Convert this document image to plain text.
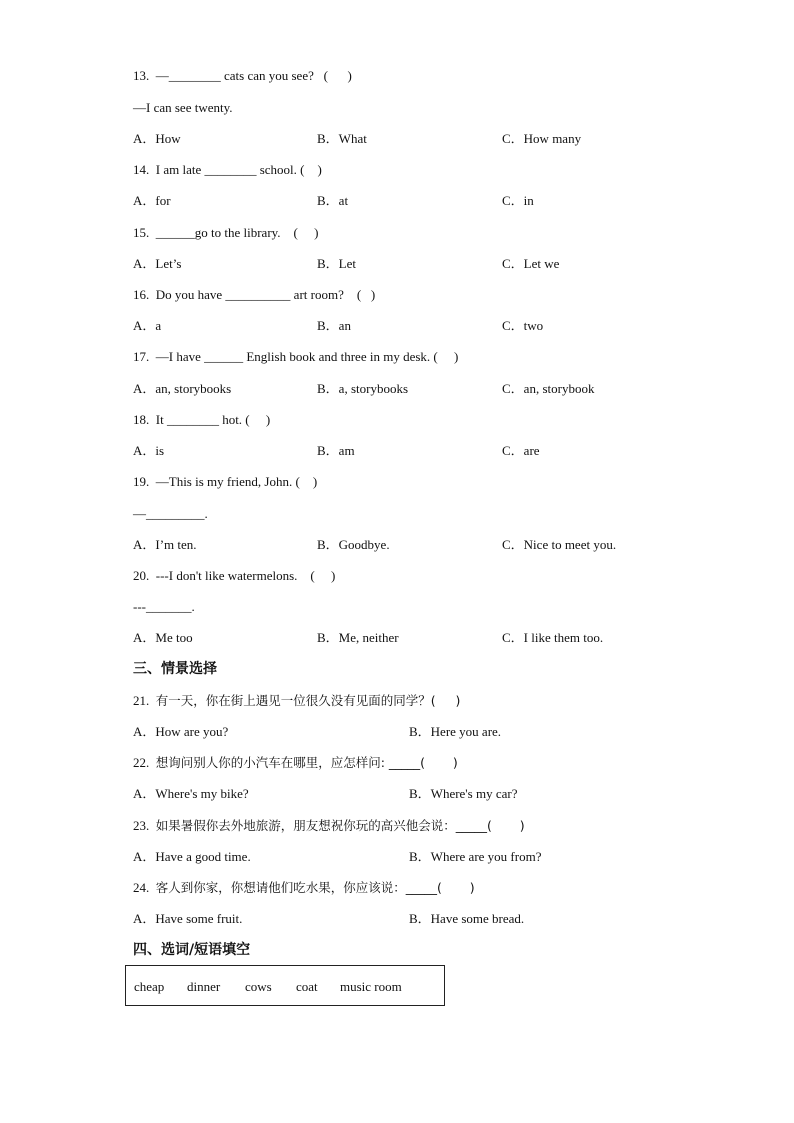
13. —________ cats can you see?   (      )
—I can see twenty.
A．How	B．What	C．How many
14. I am late ________ school. (    )
A．for	B．at	C．in
15. ______go to the library.    (     )
A．Let’s	B．Let	C．Let we
16. Do you have __________ art room?    (   )
A．a	B．an	C．two
17. —I have ______ English book and three in my desk. (     )
A．an, storybooks	B．a, storybooks	C．an, storybook
18. It ________ hot. (     )
A．is	B．am	C．are
19. —This is my friend, John. (    )
—_________.
A．I’m ten.	B．Goodbye.	C．Nice to meet you.
20. ---I don't like watermelons.    (     )
---_______.
A．Me too	B．Me, neither	C．I like them too.
三、情景选择
21. 有一天，你在街上遇见一位很久没有见面的同学？(     )
A．How are you?	B．Here you are.
22. 想询问别人你的小汽车在哪里，应怎样问: _____(       )
A．Where's my bike?	B．Where's my car?
23. 如果暑假你去外地旅游，朋友想祝你玩的高兴他会说：_____(       )
A．Have a good time.	B．Where are you from?
24. 客人到你家，你想请他们吃水果，你应该说：_____(       )
A．Have some fruit.	B．Have some bread.
四、选词/短语填空
cheap dinner cows coat music room
